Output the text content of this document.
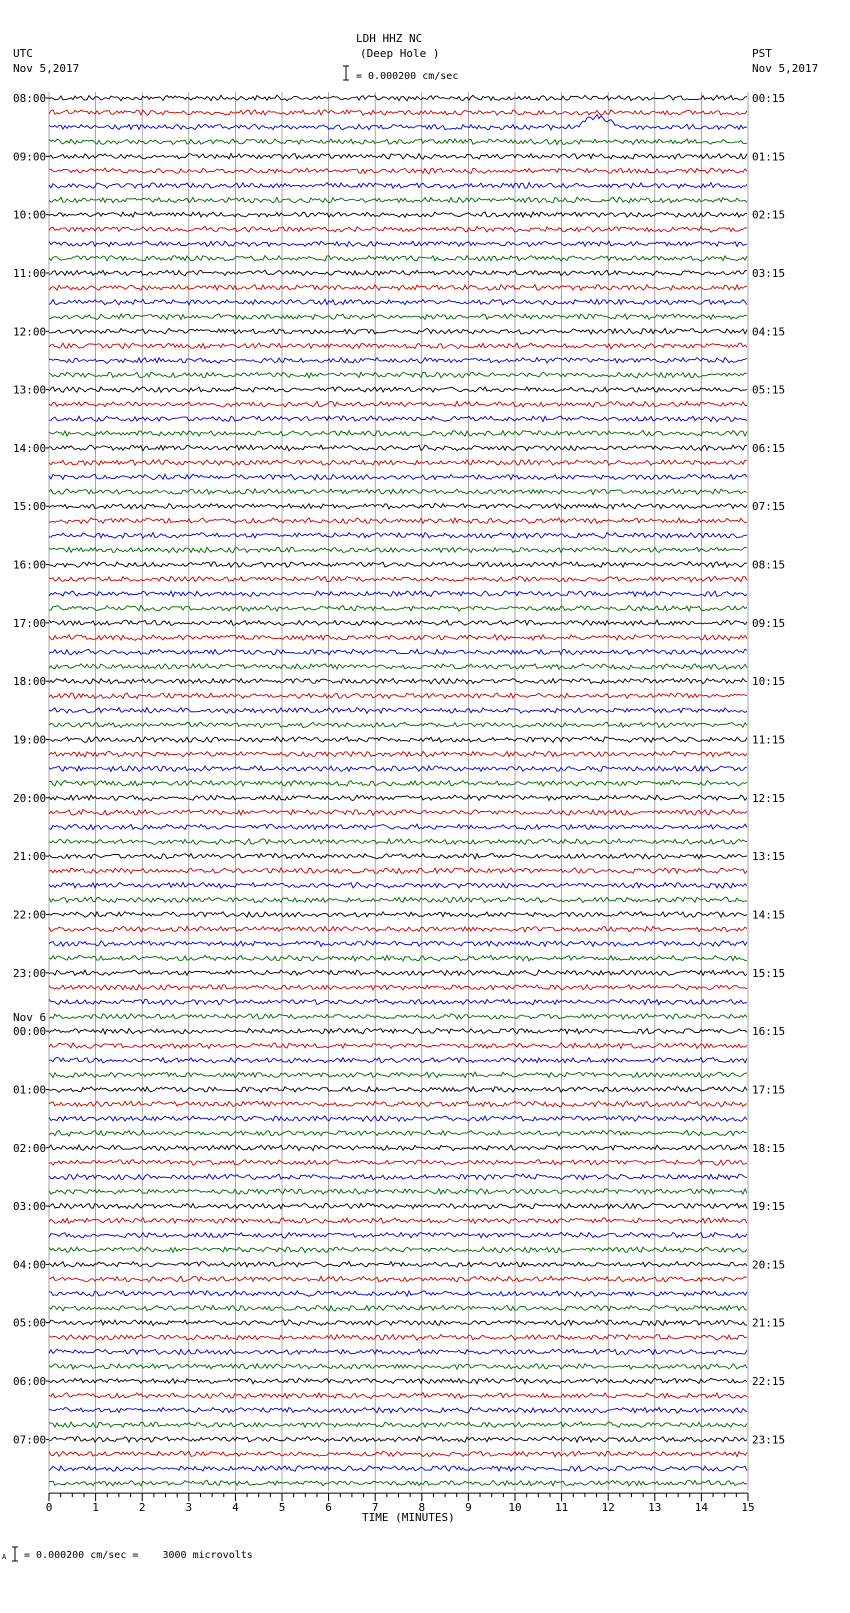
LDH HHZ NC
(Deep Hole )
UTC
Nov 5,2017
PST
Nov 5,2017
= 0.000200 cm/sec
TIME (MINUTES)
A = 0.000200 cm/sec =    3000 microvolts
08:00
09:00
10:00
11:00
12:00
13:00
14:00
15:00
16:00
17:00
18:00
19:00
20:00
21:00
22:00
23:00
00:00
01:00
02:00
03:00
04:00
05:00
06:00
07:00
Nov 6
00:15
01:15
02:15
03:15
04:15
05:15
06:15
07:15
08:15
09:15
10:15
11:15
12:15
13:15
14:15
15:15
16:15
17:15
18:15
19:15
20:15
21:15
22:15
23:15
0	1	2	3	4	5	6	7	8	9	10	11	12	13	14	15
